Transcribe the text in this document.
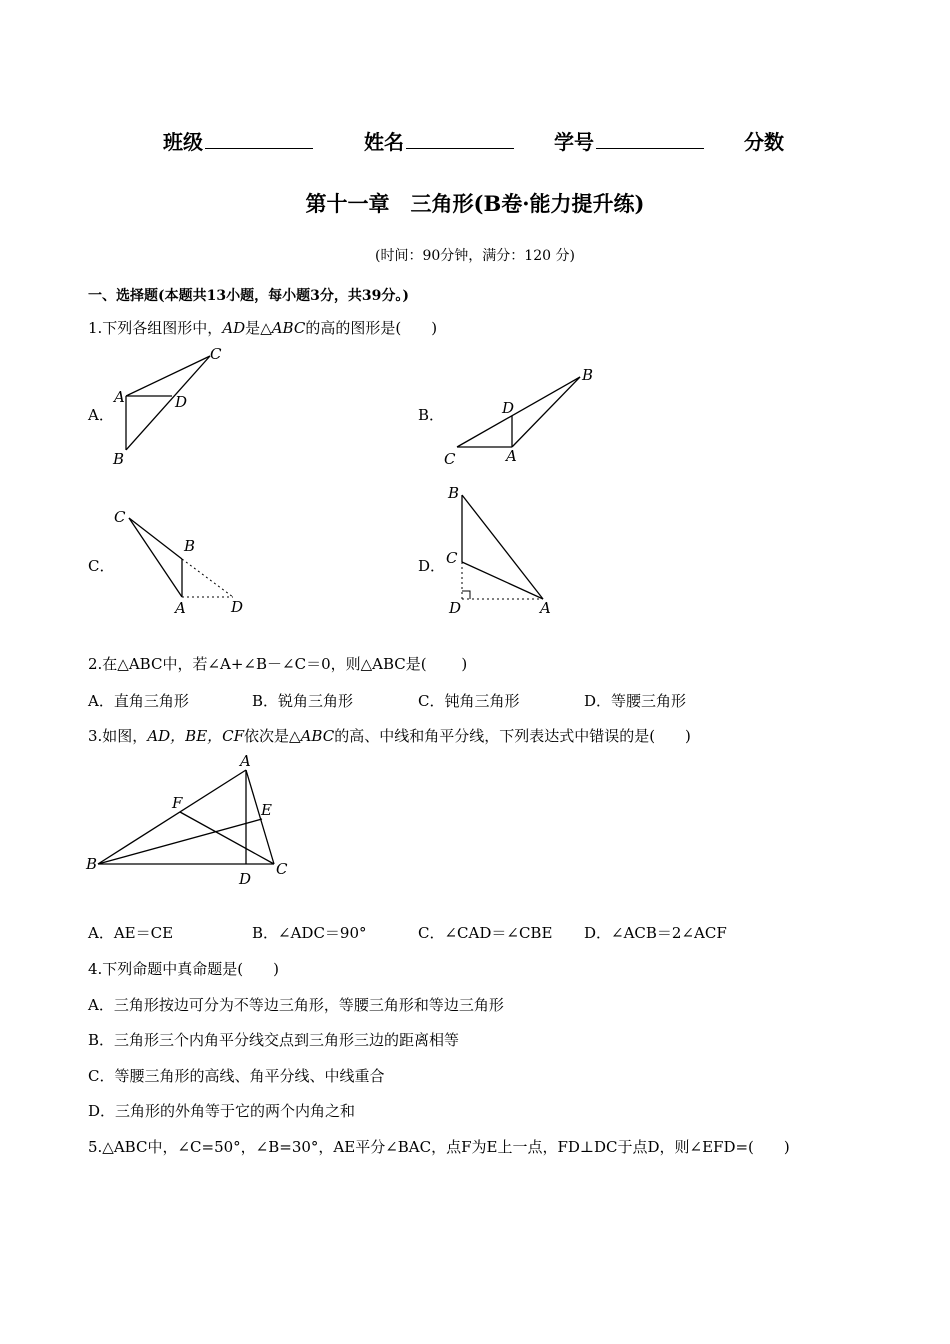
班级	姓名	学号	分数
第十一章　三角形(B卷·能力提升练)
(时间：90分钟，满分：120 分)
一、选择题(本题共13小题，每小题3分，共39分。)
1.下列各组图形中，AD是△ABC的高的图形是(　　)
A．
C
A	D
B
B．
B
D
C	A
C．
C
B
A	D
D．
B
C
D	A
2.在△ABC中，若∠A+∠B－∠C＝0，则△ABC是(　　 )
A．直角三角形	B．锐角三角形	C．钝角三角形	D．等腰三角形
3.如图，AD，BE，CF依次是△ABC的高、中线和角平分线，下列表达式中错误的是(　　)
A
F	E
B	C
D
A．AE＝CE	B．∠ADC＝90°	C．∠CAD＝∠CBE D．∠ACB＝2∠ACF
4.下列命题中真命题是(　　)
A．三角形按边可分为不等边三角形，等腰三角形和等边三角形
B．三角形三个内角平分线交点到三角形三边的距离相等
C．等腰三角形的高线、角平分线、中线重合
D．三角形的外角等于它的两个内角之和
5.△ABC中，∠C=50°，∠B=30°，AE平分∠BAC，点F为E上一点，FD⊥DC于点D，则∠EFD=(　　)
